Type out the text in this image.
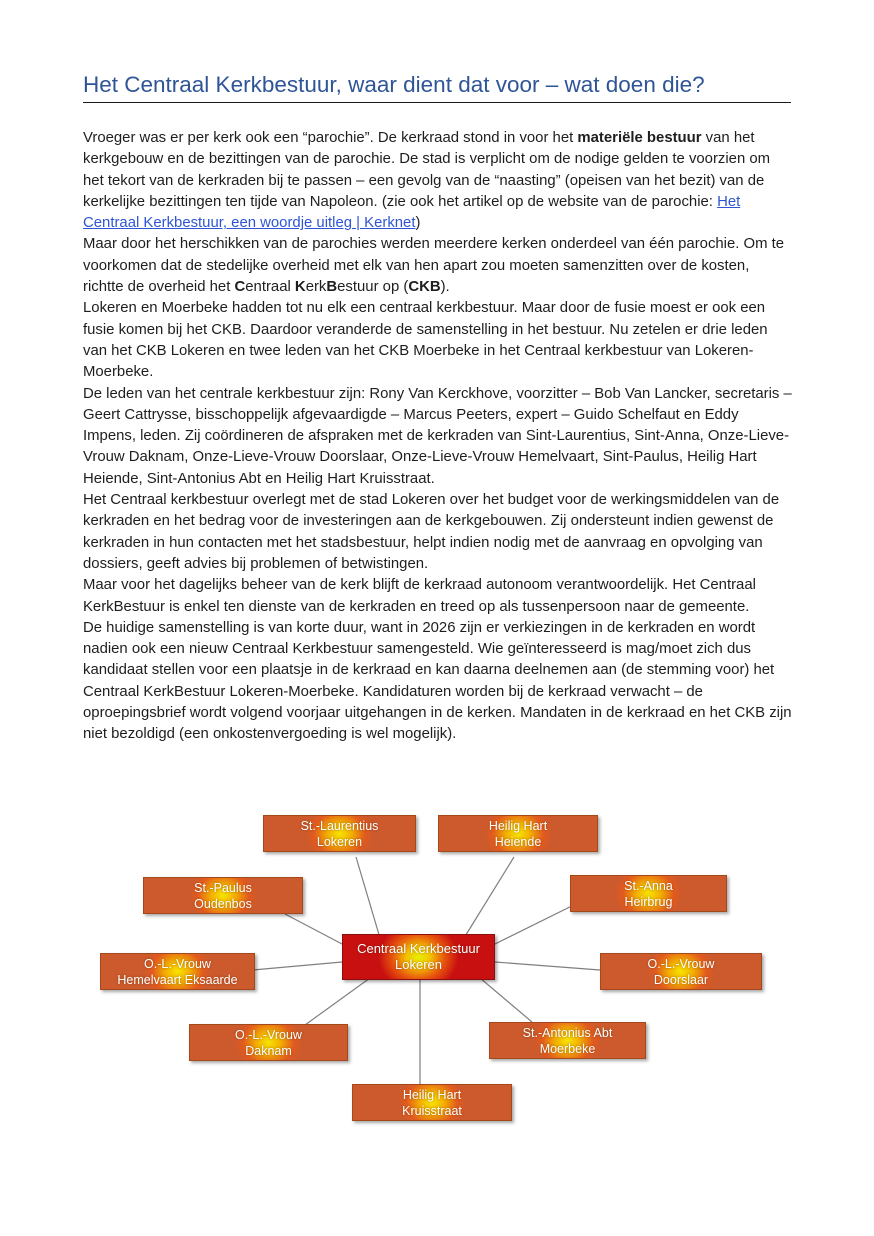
Het Centraal Kerkbestuur, waar dient dat voor – wat doen die?

Vroeger was er per kerk ook een “parochie”. De kerkraad stond in voor het materiële bestuur van het kerkgebouw en de bezittingen van de parochie. De stad is verplicht om de nodige gelden te voorzien om het tekort van de kerkraden bij te passen – een gevolg van de “naasting” (opeisen van het bezit) van de kerkelijke bezittingen ten tijde van Napoleon. (zie ook het artikel op de website van de parochie: Het Centraal Kerkbestuur, een woordje uitleg | Kerknet)

Maar door het herschikken van de parochies werden meerdere kerken onderdeel van één parochie. Om te voorkomen dat de stedelijke overheid met elk van hen apart zou moeten samenzitten over de kosten, richtte de overheid het Centraal KerkBestuur op (CKB).

Lokeren en Moerbeke hadden tot nu elk een centraal kerkbestuur. Maar door de fusie moest er ook een fusie komen bij het CKB. Daardoor veranderde de samenstelling in het bestuur. Nu zetelen er drie leden van het CKB Lokeren en twee leden van het CKB Moerbeke in het Centraal kerkbestuur van Lokeren-Moerbeke.

De leden van het centrale kerkbestuur zijn: Rony Van Kerckhove, voorzitter – Bob Van Lancker, secretaris – Geert Cattrysse, bisschoppelijk afgevaardigde – Marcus Peeters, expert – Guido Schelfaut en Eddy Impens, leden. Zij coördineren de afspraken met de kerkraden van Sint-Laurentius, Sint-Anna, Onze-Lieve-Vrouw Daknam, Onze-Lieve-Vrouw Doorslaar, Onze-Lieve-Vrouw Hemelvaart, Sint-Paulus, Heilig Hart Heiende, Sint-Antonius Abt en Heilig Hart Kruisstraat.

Het Centraal kerkbestuur overlegt met de stad Lokeren over het budget voor de werkingsmiddelen van de kerkraden en het bedrag voor de investeringen aan de kerkgebouwen. Zij ondersteunt indien gewenst de kerkraden in hun contacten met het stadsbestuur, helpt indien nodig met de aanvraag en opvolging van dossiers, geeft advies bij problemen of betwistingen.

Maar voor het dagelijks beheer van de kerk blijft de kerkraad autonoom verantwoordelijk. Het Centraal KerkBestuur is enkel ten dienste van de kerkraden en treed op als tussenpersoon naar de gemeente.

De huidige samenstelling is van korte duur, want in 2026 zijn er verkiezingen in de kerkraden en wordt nadien ook een nieuw Centraal Kerkbestuur samengesteld. Wie geïnteresseerd is mag/moet zich dus kandidaat stellen voor een plaatsje in de kerkraad en kan daarna deelnemen aan (de stemming voor) het Centraal KerkBestuur Lokeren-Moerbeke. Kandidaturen worden bij de kerkraad verwacht – de oproepingsbrief wordt volgend voorjaar uitgehangen in de kerken. Mandaten in de kerkraad en het CKB zijn niet bezoldigd (een onkostenvergoeding is wel mogelijk).

Centraal Kerkbestuur
Lokeren
St.-Laurentius
Lokeren
Heilig Hart
Heiende
St.-Paulus
Oudenbos
St.-Anna
Heirbrug
O.-L.-Vrouw
Hemelvaart Eksaarde
O.-L.-Vrouw
Doorslaar
O.-L.-Vrouw
Daknam
St.-Antonius Abt
Moerbeke
Heilig Hart
Kruisstraat
